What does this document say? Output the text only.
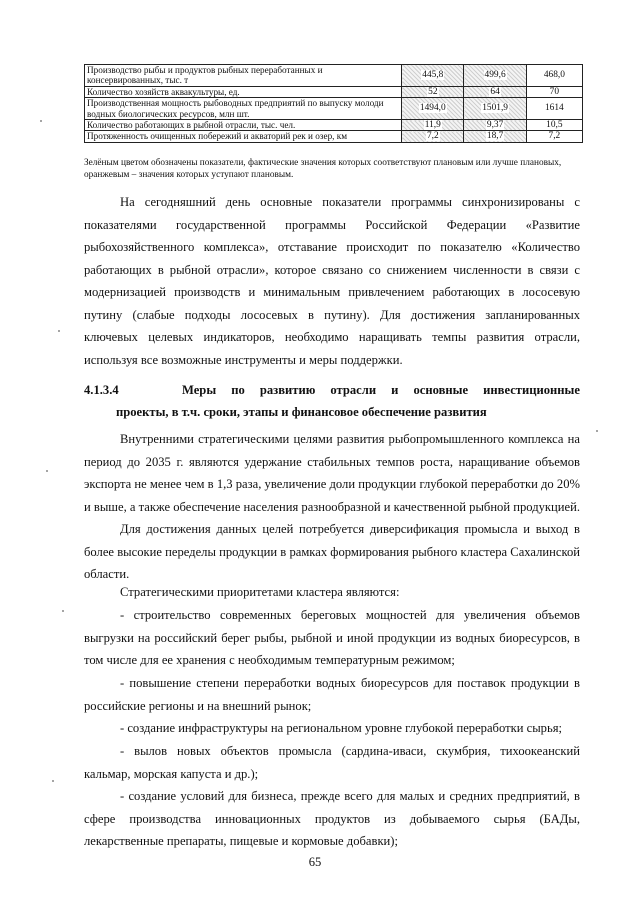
Производство рыбы и продуктов рыбных переработанных и консервированных, тыс. т	445,8	499,6	468,0
Количество хозяйств аквакультуры, ед.	52	64	70
Производственная мощность рыбоводных предприятий по выпуску молоди водных биологических ресурсов, млн шт.	1494,0	1501,9	1614
Количество работающих в рыбной отрасли, тыс. чел.	11,9	9,37	10,5
Протяженность очищенных побережий и акваторий рек и озер, км	7,2	18,7	7,2
Зелёным цветом обозначены показатели, фактические значения которых соответствуют плановым или лучше плановых, оранжевым – значения которых уступают плановым.

На сегодняшний день основные показатели программы синхронизированы с показателями государственной программы Российской Федерации «Развитие рыбохозяйственного комплекса», отставание происходит по показателю «Количество работающих в рыбной отрасли», которое связано со снижением численности в связи с модернизацией производств и минимальным привлечением работающих в лососевую путину (слабые подходы лососевых в путину). Для достижения запланированных ключевых целевых индикаторов, необходимо наращивать темпы развития отрасли, используя все возможные инструменты и меры поддержки.

4.1.3.4	Меры по развитию отрасли и основные инвестиционные
проекты, в т.ч. сроки, этапы и финансовое обеспечение развития

Внутренними стратегическими целями развития рыбопромышленного комплекса на период до 2035 г. являются удержание стабильных темпов роста, наращивание объемов экспорта не менее чем в 1,3 раза, увеличение доли продукции глубокой переработки до 20% и выше, а также обеспечение населения разнообразной и качественной рыбной продукцией.

Для достижения данных целей потребуется диверсификация промысла и выход в более высокие переделы продукции в рамках формирования рыбного кластера Сахалинской области.

Стратегическими приоритетами кластера являются:

- строительство современных береговых мощностей для увеличения объемов выгрузки на российский берег рыбы, рыбной и иной продукции из водных биоресурсов, в том числе для ее хранения с необходимым температурным режимом;

- повышение степени переработки водных биоресурсов для поставок продукции в российские регионы и на внешний рынок;

- создание инфраструктуры на региональном уровне глубокой переработки сырья;

- вылов новых объектов промысла (сардина-иваси, скумбрия, тихоокеанский кальмар, морская капуста и др.);

- создание условий для бизнеса, прежде всего для малых и средних предприятий, в сфере производства инновационных продуктов из добываемого сырья (БАДы, лекарственные препараты, пищевые и кормовые добавки);

65
